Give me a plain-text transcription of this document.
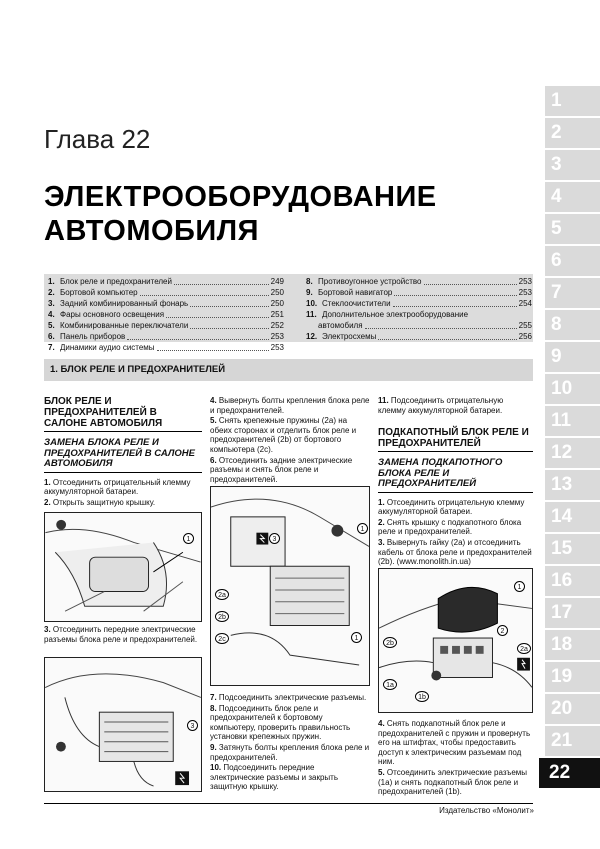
Глава 22
ЭЛЕКТРООБОРУДОВАНИЕ
АВТОМОБИЛЯ
1. Блок реле и предохранителей	249
2. Бортовой компьютер	250
3. Задний комбинированный фонарь	250
4. Фары основного освещения	251
5. Комбинированные переключатели	252
6. Панель приборов	253
7. Динамики аудио системы	253
8. Противоугонное устройство	253
9. Бортовой навигатор	253
10. Стеклоочистители	254
11. Дополнительное электрооборудование
автомобиля	255
12. Электросхемы	256
1. БЛОК РЕЛЕ И ПРЕДОХРАНИТЕЛЕЙ
БЛОК РЕЛЕ И ПРЕДОХРАНИТЕЛЕЙ В САЛОНЕ АВТОМОБИЛЯ
ЗАМЕНА БЛОКА РЕЛЕ И ПРЕДОХРАНИТЕЛЕЙ В САЛОНЕ АВТОМОБИЛЯ

1. Отсоединить отрицательный клемму аккумуляторной батареи.

2. Открыть защитную крышку.

1

3. Отсоединить передние электрические разъемы блока реле и предохранителей.

3

4. Вывернуть болты крепления блока реле и предохранителей.

5. Снять крепежные пружины (2a) на обеих сторонах и отделить блок реле и предохранителей (2b) от бортового компьютера (2c).

6. Отсоединить задние электрические разъемы и снять блок реле и предохранителей.

1
3
2a
2b
2c	1

7. Подсоединить электрические разъемы.

8. Подсоединить блок реле и предохранителей к бортовому компьютеру, проверить правильность установки крепежных пружин.

9. Затянуть болты крепления блока реле и предохранителей.

10. Подсоединить передние электрические разъемы и закрыть защитную крышку.

11. Подсоединить отрицательную клемму аккумуляторной батареи.

ПОДКАПОТНЫЙ БЛОК РЕЛЕ И ПРЕДОХРАНИТЕЛЕЙ
ЗАМЕНА ПОДКАПОТНОГО БЛОКА РЕЛЕ И ПРЕДОХРАНИТЕЛЕЙ

1. Отсоединить отрицательную клемму аккумуляторной батареи.

2. Снять крышку с подкапотного блока реле и предохранителей.

3. Вывернуть гайку (2a) и отсоединить кабель от блока реле и предохранителей (2b). (www.monolith.in.ua)

1
2
2b
2a
1a
1b

4. Снять подкапотный блок реле и предохранителей с пружин и провернуть его на штифтах, чтобы предоставить доступ к электрическим разъемам под ним.

5. Отсоединить электрические разъемы (1a) и снять подкапотный блок реле и предохранителей (1b).

1
2
3
4
5
6
7
8
9
10
11
12
13
14
15
16
17
18
19
20
21
22
Издательство «Монолит»
